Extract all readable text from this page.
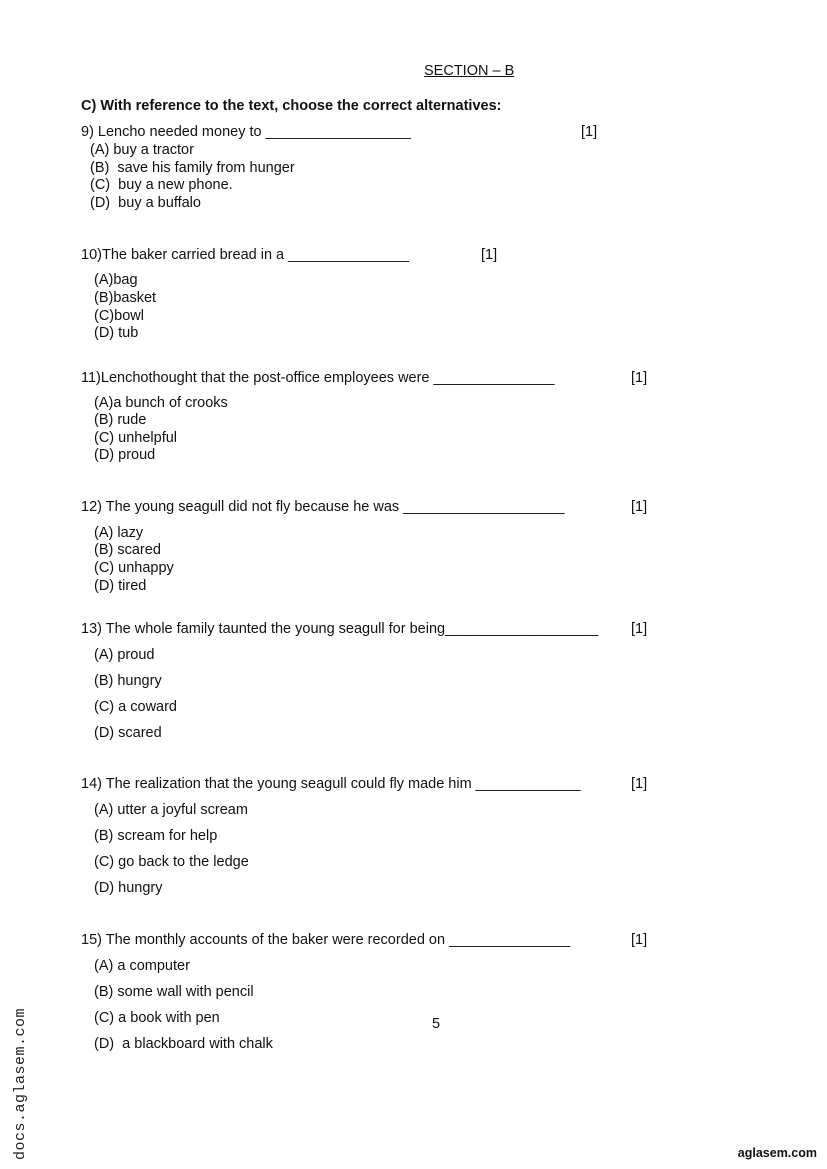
SECTION – B
C) With reference to the text, choose the correct alternatives:
9) Lencho needed money to __________________	[1]
(A) buy a tractor
(B)  save his family from hunger
(C)  buy a new phone.
(D)  buy a buffalo
10)The baker carried bread in a _______________	[1]
(A)bag
(B)basket
(C)bowl
(D) tub
11)Lenchothought that the post-office employees were _______________	[1]
(A)a bunch of crooks
(B) rude
(C) unhelpful
(D) proud
12) The young seagull did not fly because he was ____________________	[1]
(A) lazy
(B) scared
(C) unhappy
(D) tired
13) The whole family taunted the young seagull for being___________________ [1]
(A) proud
(B) hungry
(C) a coward
(D) scared
14) The realization that the young seagull could fly made him _____________	[1]
(A) utter a joyful scream
(B) scream for help
(C) go back to the ledge
(D) hungry
15) The monthly accounts of the baker were recorded on _______________	[1]
(A) a computer
(B) some wall with pencil
(C) a book with pen
(D)  a blackboard with chalk
5
docs.aglasem.com	aglasem.com
